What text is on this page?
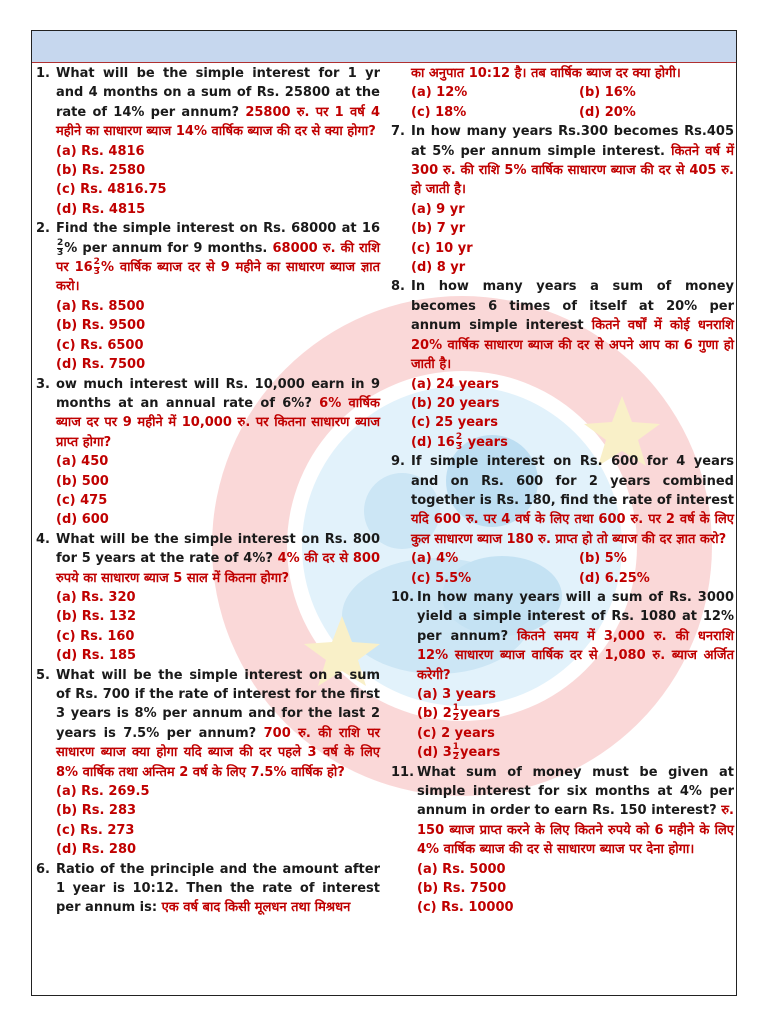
1. What will be the simple interest for 1 yr and 4 months on a sum of Rs. 25800 at the rate of 14% per annum? 25800 रु. पर 1 वर्ष 4 महीने का साधारण ब्याज 14% वार्षिक ब्याज की दर से क्या होगा?
(a) Rs. 4816
(b) Rs. 2580
(c) Rs. 4816.75
(d) Rs. 4815
2. Find the simple interest on Rs. 68000 at 16
$\frac{2}{3}$ % per annum for 9 months. 68000 रु. की राशि पर $16 \frac{2}{3}$ % वार्षिक ब्याज दर से 9 महीने का साधारण ब्याज ज्ञात करो।
(a) Rs. 8500
(b) Rs. 9500
(c) Rs. 6500
(d) Rs. 7500
3. ow much interest will Rs. 10,000 earn in 9 months at an annual rate of 6%? 6% वार्षिक ब्याज दर पर 9 महीने में 10,000 रु. पर कितना साधारण ब्याज प्राप्त होगा?
(a) 450
(b) 500
(c) 475
(d) 600
4. What will be the simple interest on Rs. 800 for 5 years at the rate of 4%? 4% की दर से 800 रुपये का साधारण ब्याज 5 साल में कितना होगा?
(a) Rs. 320
(b) Rs. 132
(c) Rs. 160
(d) Rs. 185
5. What will be the simple interest on a sum of Rs. 700 if the rate of interest for the first 3 years is 8% per annum and for the last 2 years is 7.5% per annum? 700 रु. की राशि पर साधारण ब्याज क्या होगा यदि ब्याज की दर पहले 3 वर्ष के लिए 8% वार्षिक तथा अन्तिम 2 वर्ष के लिए 7.5% वार्षिक हो?
(a) Rs. 269.5
(b) Rs. 283
(c) Rs. 273
(d) Rs. 280
6. Ratio of the principle and the amount after 1 year is 10:12. Then the rate of interest per annum is: एक वर्ष बाद किसी मूलधन तथा मिश्रधन
का अनुपात 10:12 है। तब वार्षिक ब्याज दर क्या होगी।
(a) 12%	(b) 16%
(c) 18%	(d) 20%
7. In how many years Rs.300 becomes Rs.405 at 5% per annum simple interest. कितने वर्ष में 300 रु. की राशि 5% वार्षिक साधारण ब्याज की दर से 405 रु. हो जाती है।
(a) 9 yr
(b) 7 yr
(c) 10 yr
(d) 8 yr
8. In how many years a sum of money becomes 6 times of itself at 20% per annum simple interest कितने वर्षों में कोई धनराशि 20% वार्षिक साधारण ब्याज की दर से अपने आप का 6 गुणा हो जाती है।
(a) 24 years
(b) 20 years
(c) 25 years
(d) $16 \frac{2}{3}$ years
9. If simple interest on Rs. 600 for 4 years and on Rs. 600 for 2 years combined together is Rs. 180, find the rate of interest यदि 600 रु. पर 4 वर्ष के लिए तथा 600 रु. पर 2 वर्ष के लिए कुल साधारण ब्याज 180 रु. प्राप्त हो तो ब्याज की दर ज्ञात करो?
(a) 4%	(b) 5%
(c) 5.5%	(d) 6.25%
10. In how many years will a sum of Rs. 3000 yield a simple interest of Rs. 1080 at 12% per annum? कितने समय में 3,000 रु. की धनराशि 12% साधारण ब्याज वार्षिक दर से 1,080 रु. ब्याज अर्जित करेगी?
(a) 3 years
(b) $2 \frac{1}{2}$ years
(c) 2 years
(d) $3 \frac{1}{2}$ years
11. What sum of money must be given at simple interest for six months at 4% per annum in order to earn Rs. 150 interest? रु. 150 ब्याज प्राप्त करने के लिए कितने रुपये को 6 महीने के लिए 4% वार्षिक ब्याज की दर से साधारण ब्याज पर देना होगा।
(a) Rs. 5000
(b) Rs. 7500
(c) Rs. 10000
